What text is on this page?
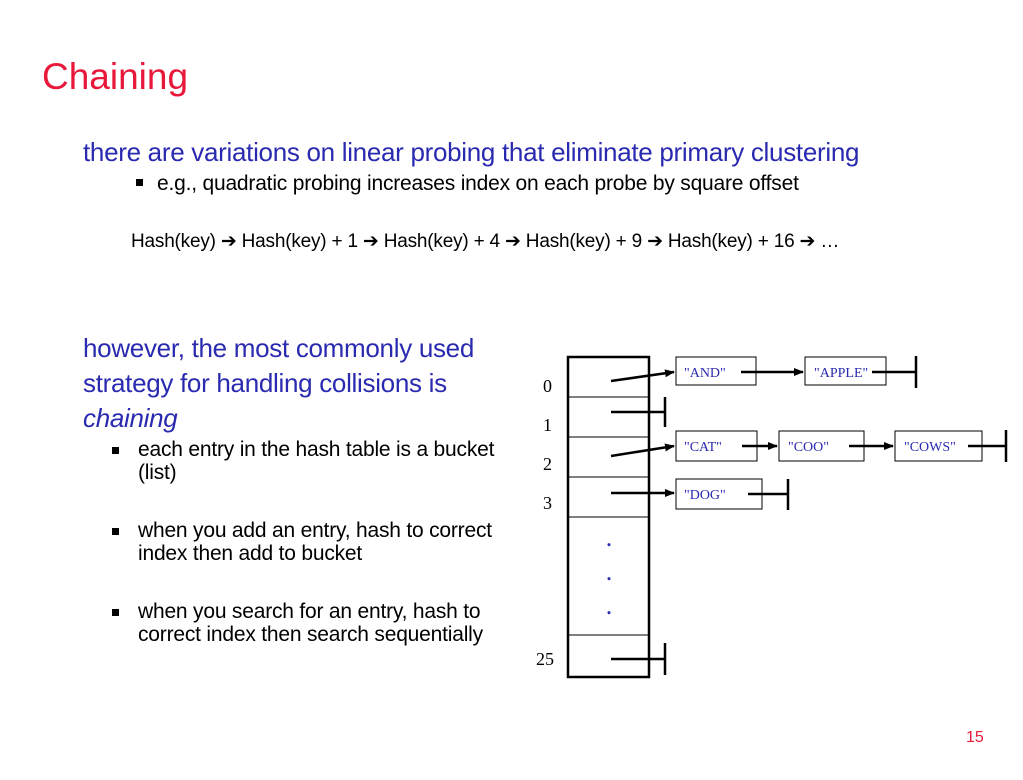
Chaining
there are variations on linear probing that eliminate primary clustering
e.g., quadratic probing increases index on each probe by square offset
Hash(key) ➔ Hash(key) + 1 ➔ Hash(key) + 4 ➔ Hash(key) + 9 ➔ Hash(key) + 16 ➔ …
however, the most commonly used strategy for handling collisions is
chaining
each entry in the hash table is a bucket (list)
when you add an entry, hash to correct index then add to bucket
when you search for an entry, hash to correct index then search sequentially
0
1
2
3
25
.
.
.
"AND"	"APPLE"
"CAT"	"COO"	"COWS"
"DOG"
15
